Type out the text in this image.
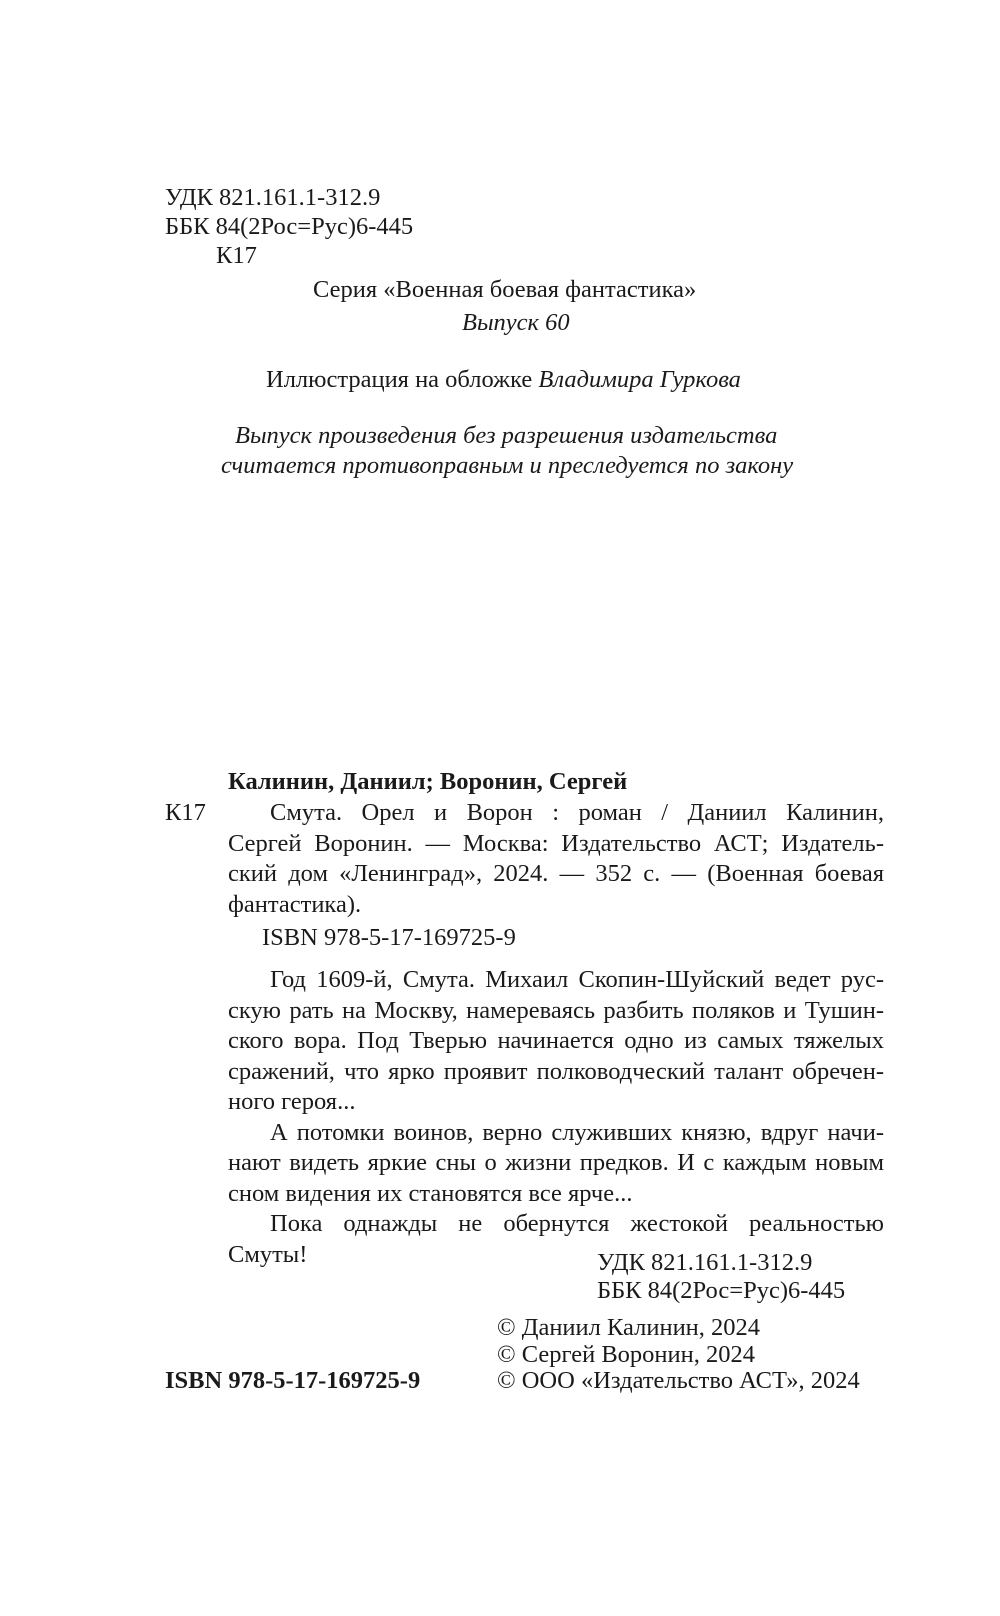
УДК 821.161.1-312.9
ББК 84(2Рос=Рус)6-445
К17
Серия «Военная боевая фантастика»
Выпуск 60
Иллюстрация на обложке Владимира Гуркова
Выпуск произведения без разрешения издательства
считается противоправным и преследуется по закону
Калинин, Даниил; Воронин, Сергей
К17	Смута. Орел и Ворон : роман / Даниил Калинин,
Сергей Воронин. — Москва: Издательство АСТ; Издатель-
ский дом «Ленинград», 2024. — 352 с. — (Военная боевая
фантастика).
ISBN 978-5-17-169725-9
Год 1609-й, Смута. Михаил Скопин-Шуйский ведет рус-
скую рать на Москву, намереваясь разбить поляков и Тушин-
ского вора. Под Тверью начинается одно из самых тяжелых
сражений, что ярко проявит полководческий талант обречен-
ного героя...
А потомки воинов, верно служивших князю, вдруг начи-
нают видеть яркие сны о жизни предков. И с каждым новым
сном видения их становятся все ярче...
Пока однажды не обернутся жестокой реальностью
Смуты!	УДК 821.161.1-312.9
ББК 84(2Рос=Рус)6-445
© Даниил Калинин, 2024
© Сергей Воронин, 2024
ISBN 978-5-17-169725-9	© ООО «Издательство АСТ», 2024
